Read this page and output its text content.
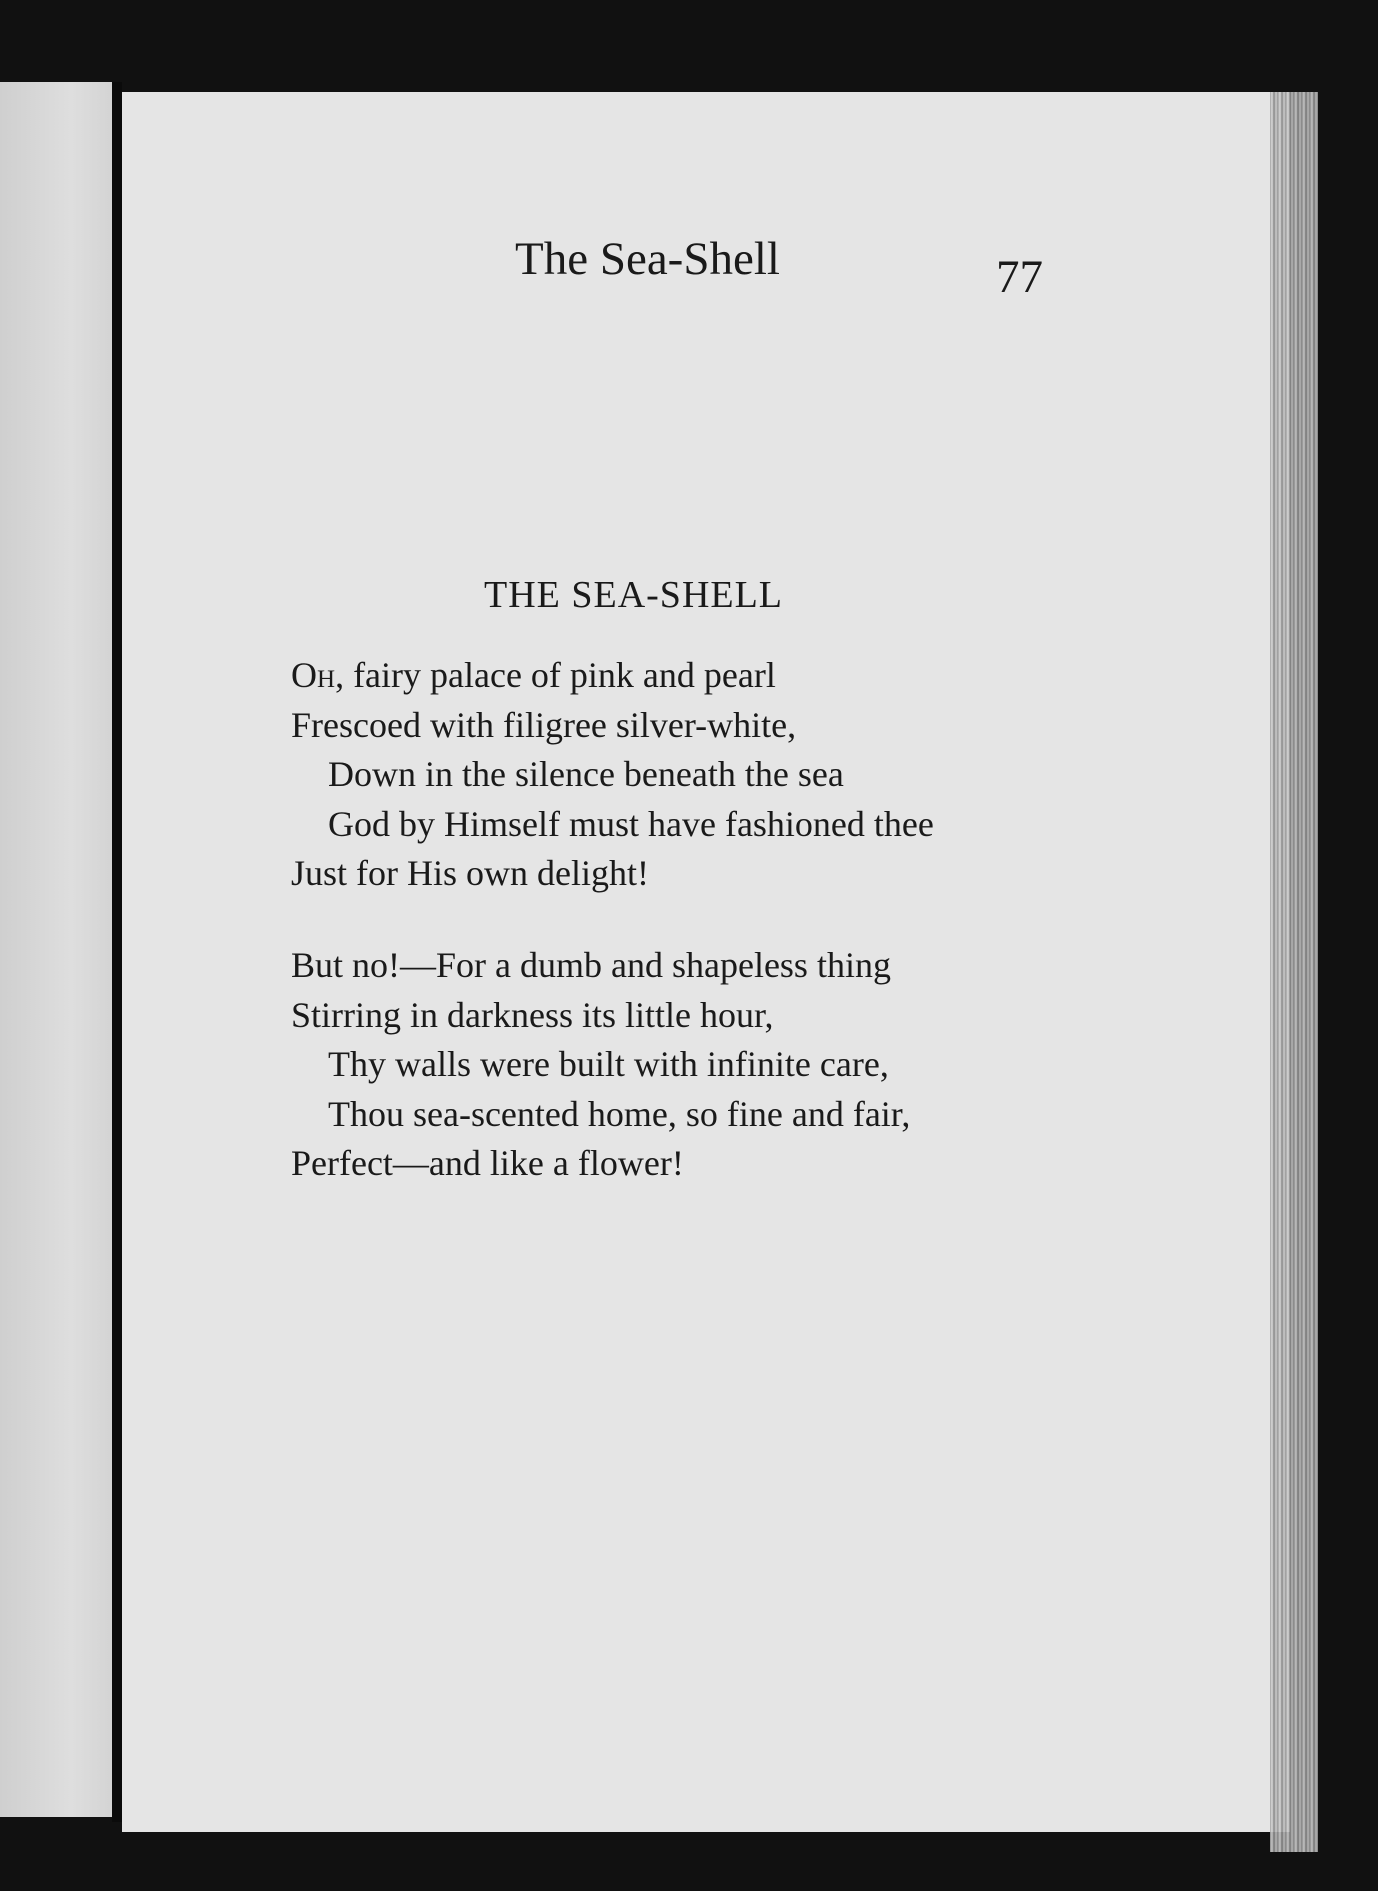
The Sea-Shell	77
THE SEA-SHELL
Oh, fairy palace of pink and pearl
Frescoed with filigree silver-white,
Down in the silence beneath the sea
God by Himself must have fashioned thee
Just for His own delight!
But no!—For a dumb and shapeless thing
Stirring in darkness its little hour,
Thy walls were built with infinite care,
Thou sea-scented home, so fine and fair,
Perfect—and like a flower!
